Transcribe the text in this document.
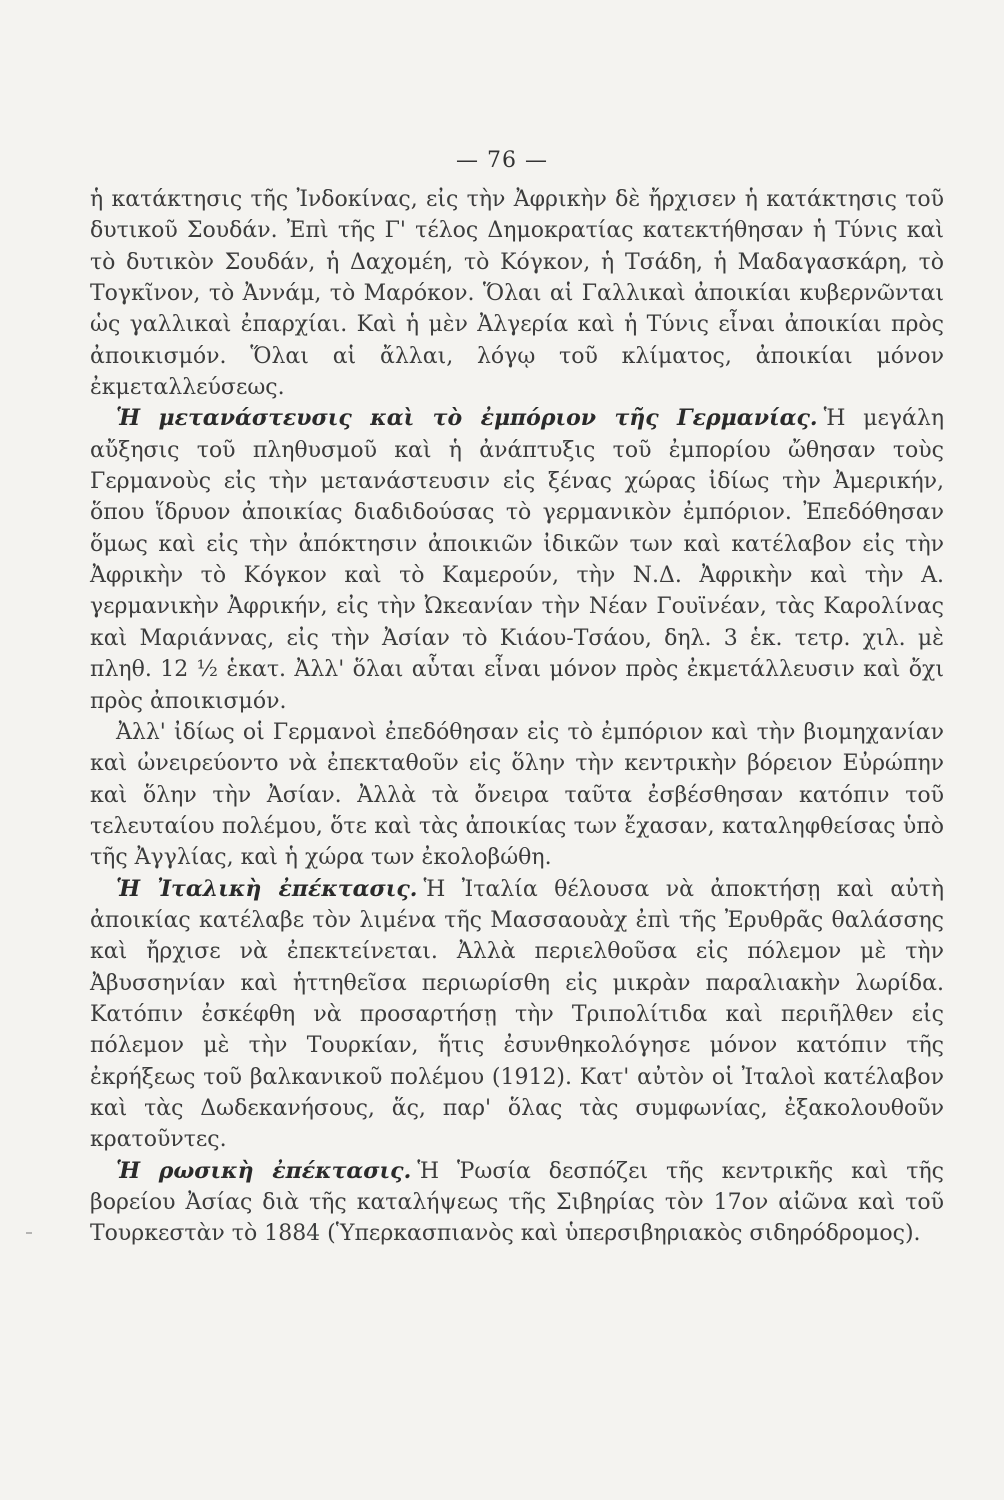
— 76 —

ἡ κατάκτησις τῆς Ἰνδοκίνας, εἰς τὴν Ἀφρικὴν δὲ ἤρχισεν ἡ κατάκτησις τοῦ δυτικοῦ Σουδάν. Ἐπὶ τῆς Γ' τέλος Δημοκρατίας κατεκτήθησαν ἡ Τύνις καὶ τὸ δυτικὸν Σουδάν, ἡ Δαχομέη, τὸ Κόγκον, ἡ Τσάδη, ἡ Μαδαγασκάρη, τὸ Τογκῖνον, τὸ Ἀννάμ, τὸ Μαρόκον. Ὅλαι αἱ Γαλλικαὶ ἀποικίαι κυβερνῶνται ὡς γαλλικαὶ ἐπαρχίαι. Καὶ ἡ μὲν Ἀλγερία καὶ ἡ Τύνις εἶναι ἀποικίαι πρὸς ἀποικισμόν. Ὅλαι αἱ ἄλλαι, λόγῳ τοῦ κλίματος, ἀποικίαι μόνον ἐκμεταλλεύσεως.

Ἡ μετανάστευσις καὶ τὸ ἐμπόριον τῆς Γερμανίας. Ἡ μεγάλη αὔξησις τοῦ πληθυσμοῦ καὶ ἡ ἀνάπτυξις τοῦ ἐμπορίου ὤθησαν τοὺς Γερμανοὺς εἰς τὴν μετανάστευσιν εἰς ξένας χώρας ἰδίως τὴν Ἀμερικήν, ὅπου ἵδρυον ἀποικίας διαδιδούσας τὸ γερμανικὸν ἐμπόριον. Ἐπεδόθησαν ὅμως καὶ εἰς τὴν ἀπόκτησιν ἀποικιῶν ἰδικῶν των καὶ κατέλαβον εἰς τὴν Ἀφρικὴν τὸ Κόγκον καὶ τὸ Καμερούν, τὴν Ν.Δ. Ἀφρικὴν καὶ τὴν Α. γερμανικὴν Ἀφρικήν, εἰς τὴν Ὠκεανίαν τὴν Νέαν Γουϊνέαν, τὰς Καρολίνας καὶ Μαριάννας, εἰς τὴν Ἀσίαν τὸ Κιάου-Τσάου, δηλ. 3 ἑκ. τετρ. χιλ. μὲ πληθ. 12 ½ ἑκατ. Ἀλλ' ὅλαι αὗται εἶναι μόνον πρὸς ἐκμετάλλευσιν καὶ ὄχι πρὸς ἀποικισμόν.

Ἀλλ' ἰδίως οἱ Γερμανοὶ ἐπεδόθησαν εἰς τὸ ἐμπόριον καὶ τὴν βιομηχανίαν καὶ ὠνειρεύοντο νὰ ἐπεκταθοῦν εἰς ὅλην τὴν κεντρικὴν βόρειον Εὐρώπην καὶ ὅλην τὴν Ἀσίαν. Ἀλλὰ τὰ ὄνειρα ταῦτα ἐσβέσθησαν κατόπιν τοῦ τελευταίου πολέμου, ὅτε καὶ τὰς ἀποικίας των ἔχασαν, καταληφθείσας ὑπὸ τῆς Ἀγγλίας, καὶ ἡ χώρα των ἐκολοβώθη.

Ἡ Ἰταλικὴ ἐπέκτασις. Ἡ Ἰταλία θέλουσα νὰ ἀποκτήσῃ καὶ αὐτὴ ἀποικίας κατέλαβε τὸν λιμένα τῆς Μασσαουὰχ ἐπὶ τῆς Ἐρυθρᾶς θαλάσσης καὶ ἤρχισε νὰ ἐπεκτείνεται. Ἀλλὰ περιελθοῦσα εἰς πόλεμον μὲ τὴν Ἀβυσσηνίαν καὶ ἡττηθεῖσα περιωρίσθη εἰς μικρὰν παραλιακὴν λωρίδα. Κατόπιν ἐσκέφθη νὰ προσαρτήσῃ τὴν Τριπολίτιδα καὶ περιῆλθεν εἰς πόλεμον μὲ τὴν Τουρκίαν, ἥτις ἐσυνθηκολόγησε μόνον κατόπιν τῆς ἐκρήξεως τοῦ βαλκανικοῦ πολέμου (1912). Κατ' αὐτὸν οἱ Ἰταλοὶ κατέλαβον καὶ τὰς Δωδεκανήσους, ἅς, παρ' ὅλας τὰς συμφωνίας, ἐξακολουθοῦν κρατοῦντες.

Ἡ ρωσικὴ ἐπέκτασις. Ἡ Ῥωσία δεσπόζει τῆς κεντρικῆς καὶ τῆς βορείου Ἀσίας διὰ τῆς καταλήψεως τῆς Σιβηρίας τὸν 17ον αἰῶνα καὶ τοῦ Τουρκεστὰν τὸ 1884 (Ὑπερκασπιανὸς καὶ ὑπερσιβηριακὸς σιδηρόδρομος).
